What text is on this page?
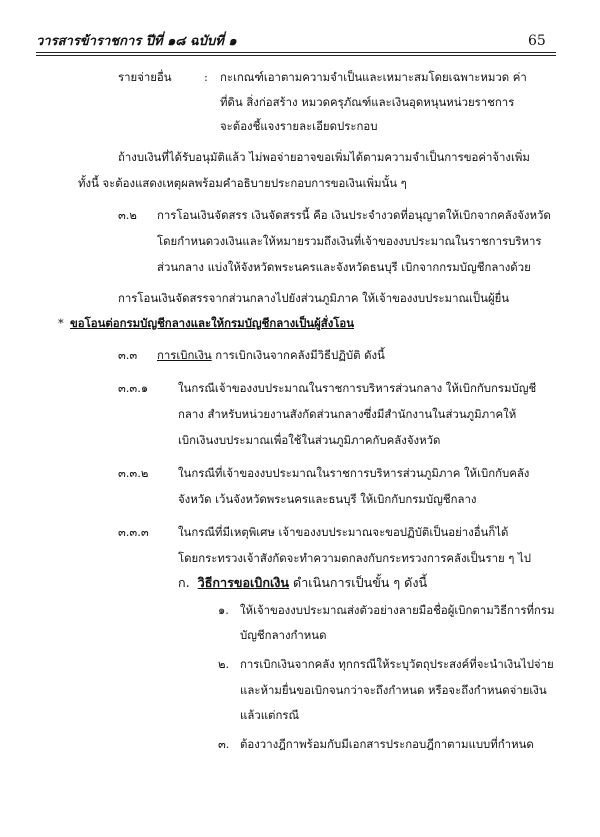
วารสารข้าราชการ ปีที่ ๑๘ ฉบับที่ ๑	65
รายจ่ายอื่น	: กะเกณฑ์เอาตามความจำเป็นและเหมาะสมโดยเฉพาะหมวด ค่า
ที่ดิน สิ่งก่อสร้าง หมวดครุภัณฑ์และเงินอุดหนุนหน่วยราชการ
จะต้องชี้แจงรายละเอียดประกอบ
ถ้างบเงินที่ได้รับอนุมัติแล้ว ไม่พอจ่ายอาจขอเพิ่มได้ตามความจำเป็นการขอค่าจ้างเพิ่ม
ทั้งนี้ จะต้องแสดงเหตุผลพร้อมคำอธิบายประกอบการขอเงินเพิ่มนั้น ๆ
๓.๒ การโอนเงินจัดสรร เงินจัดสรรนี้ คือ เงินประจำงวดที่อนุญาตให้เบิกจากคลังจังหวัด
โดยกำหนดวงเงินและให้หมายรวมถึงเงินที่เจ้าของงบประมาณในราชการบริหาร
ส่วนกลาง แบ่งให้จังหวัดพระนครและจังหวัดธนบุรี เบิกจากกรมบัญชีกลางด้วย
การโอนเงินจัดสรรจากส่วนกลางไปยังส่วนภูมิภาค ให้เจ้าของงบประมาณเป็นผู้ยื่น
* ขอโอนต่อกรมบัญชีกลางและให้กรมบัญชีกลางเป็นผู้สั่งโอน
๓.๓ การเบิกเงิน การเบิกเงินจากคลังมีวิธีปฏิบัติ ดังนี้
๓.๓.๑	ในกรณีเจ้าของงบประมาณในราชการบริหารส่วนกลาง ให้เบิกกับกรมบัญชี
กลาง สำหรับหน่วยงานสังกัดส่วนกลางซึ่งมีสำนักงานในส่วนภูมิภาคให้
เบิกเงินงบประมาณเพื่อใช้ในส่วนภูมิภาคกับคลังจังหวัด
๓.๓.๒	ในกรณีที่เจ้าของงบประมาณในราชการบริหารส่วนภูมิภาค ให้เบิกกับคลัง
จังหวัด เว้นจังหวัดพระนครและธนบุรี ให้เบิกกับกรมบัญชีกลาง
๓.๓.๓	ในกรณีที่มีเหตุพิเศษ เจ้าของงบประมาณจะขอปฏิบัติเป็นอย่างอื่นก็ได้
โดยกระทรวงเจ้าสังกัดจะทำความตกลงกับกระทรวงการคลังเป็นราย ๆ ไป
ก. วิธีการขอเบิกเงิน ดำเนินการเป็นขั้น ๆ ดังนี้
๑. ให้เจ้าของงบประมาณส่งตัวอย่างลายมือชื่อผู้เบิกตามวิธีการที่กรม
บัญชีกลางกำหนด
๒. การเบิกเงินจากคลัง ทุกกรณีให้ระบุวัตถุประสงค์ที่จะนำเงินไปจ่าย
และห้ามยื่นขอเบิกจนกว่าจะถึงกำหนด หรือจะถึงกำหนดจ่ายเงิน
แล้วแต่กรณี
๓. ต้องวางฎีกาพร้อมกับมีเอกสารประกอบฎีกาตามแบบที่กำหนด
